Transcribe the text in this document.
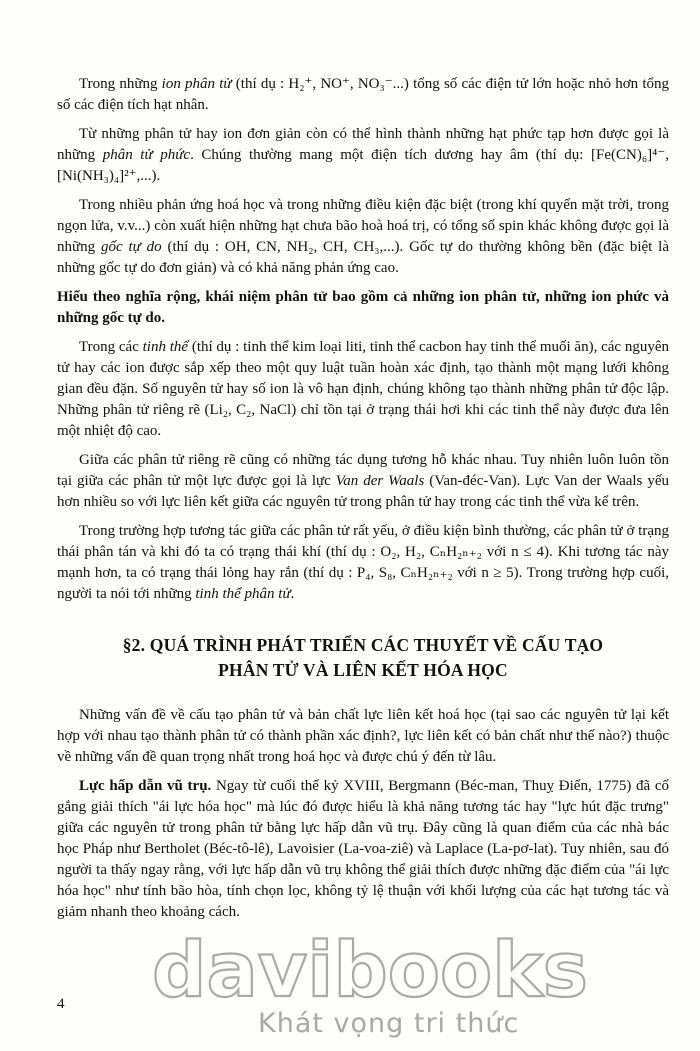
Trong những ion phân tử (thí dụ : H₂⁺, NO⁺, NO₃⁻...) tổng số các điện tử lớn hoặc nhỏ hơn tổng số các điện tích hạt nhân.

Từ những phân tử hay ion đơn giản còn có thể hình thành những hạt phức tạp hơn được gọi là những phân tử phức. Chúng thường mang một điện tích dương hay âm (thí dụ: [Fe(CN)₆]⁴⁻, [Ni(NH₃)₄]²⁺,...).

Trong nhiều phản ứng hoá học và trong những điều kiện đặc biệt (trong khí quyển mặt trời, trong ngọn lửa, v.v...) còn xuất hiện những hạt chưa bão hoà hoá trị, có tổng số spin khác không được gọi là những gốc tự do (thí dụ : OH, CN, NH₂, CH, CH₃,...). Gốc tự do thường không bền (đặc biệt là những gốc tự do đơn giản) và có khả năng phản ứng cao.

Hiểu theo nghĩa rộng, khái niệm phân tử bao gồm cả những ion phân tử, những ion phức và những gốc tự do.

Trong các tinh thể (thí dụ : tinh thể kim loại liti, tinh thể cacbon hay tinh thể muối ăn), các nguyên tử hay các ion được sắp xếp theo một quy luật tuần hoàn xác định, tạo thành một mạng lưới không gian đều đặn. Số nguyên tử hay số ion là vô hạn định, chúng không tạo thành những phân tử độc lập. Những phân tử riêng rẽ (Li₂, C₂, NaCl) chỉ tồn tại ở trạng thái hơi khi các tinh thể này được đưa lên một nhiệt độ cao.

Giữa các phân tử riêng rẽ cũng có những tác dụng tương hỗ khác nhau. Tuy nhiên luôn luôn tồn tại giữa các phân tử một lực được gọi là lực Van der Waals (Van-đéc-Van). Lực Van der Waals yếu hơn nhiều so với lực liên kết giữa các nguyên tử trong phân tử hay trong các tinh thể vừa kể trên.

Trong trường hợp tương tác giữa các phân tử rất yếu, ở điều kiện bình thường, các phân tử ở trạng thái phân tán và khi đó ta có trạng thái khí (thí dụ : O₂, H₂, CₙH₂ₙ₊₂ với n ≤ 4). Khi tương tác này mạnh hơn, ta có trạng thái lỏng hay rắn (thí dụ : P₄, S₈, CₙH₂ₙ₊₂ với n ≥ 5). Trong trường hợp cuối, người ta nói tới những tinh thể phân tử.

§2. QUÁ TRÌNH PHÁT TRIỂN CÁC THUYẾT VỀ CẤU TẠO
PHÂN TỬ VÀ LIÊN KẾT HÓA HỌC

Những vấn đề về cấu tạo phân tử và bản chất lực liên kết hoá học (tại sao các nguyên tử lại kết hợp với nhau tạo thành phân tử có thành phần xác định?, lực liên kết có bản chất như thế nào?) thuộc về những vấn đề quan trọng nhất trong hoá học và được chú ý đến từ lâu.

Lực hấp dẫn vũ trụ. Ngay từ cuối thế kỷ XVIII, Bergmann (Béc-man, Thuỵ Điển, 1775) đã cố gắng giải thích "ái lực hóa học" mà lúc đó được hiểu là khả năng tương tác hay "lực hút đặc trưng" giữa các nguyên tử trong phân tử bằng lực hấp dẫn vũ trụ. Đây cũng là quan điểm của các nhà bác học Pháp như Bertholet (Béc-tô-lê), Lavoisier (La-voa-ziê) và Laplace (La-pơ-lat). Tuy nhiên, sau đó người ta thấy ngay rằng, với lực hấp dẫn vũ trụ không thể giải thích được những đặc điểm của "ái lực hóa học" như tính bão hòa, tính chọn lọc, không tỷ lệ thuận với khối lượng của các hạt tương tác và giảm nhanh theo khoảng cách.

4 davibooks
Khát vọng tri thức
